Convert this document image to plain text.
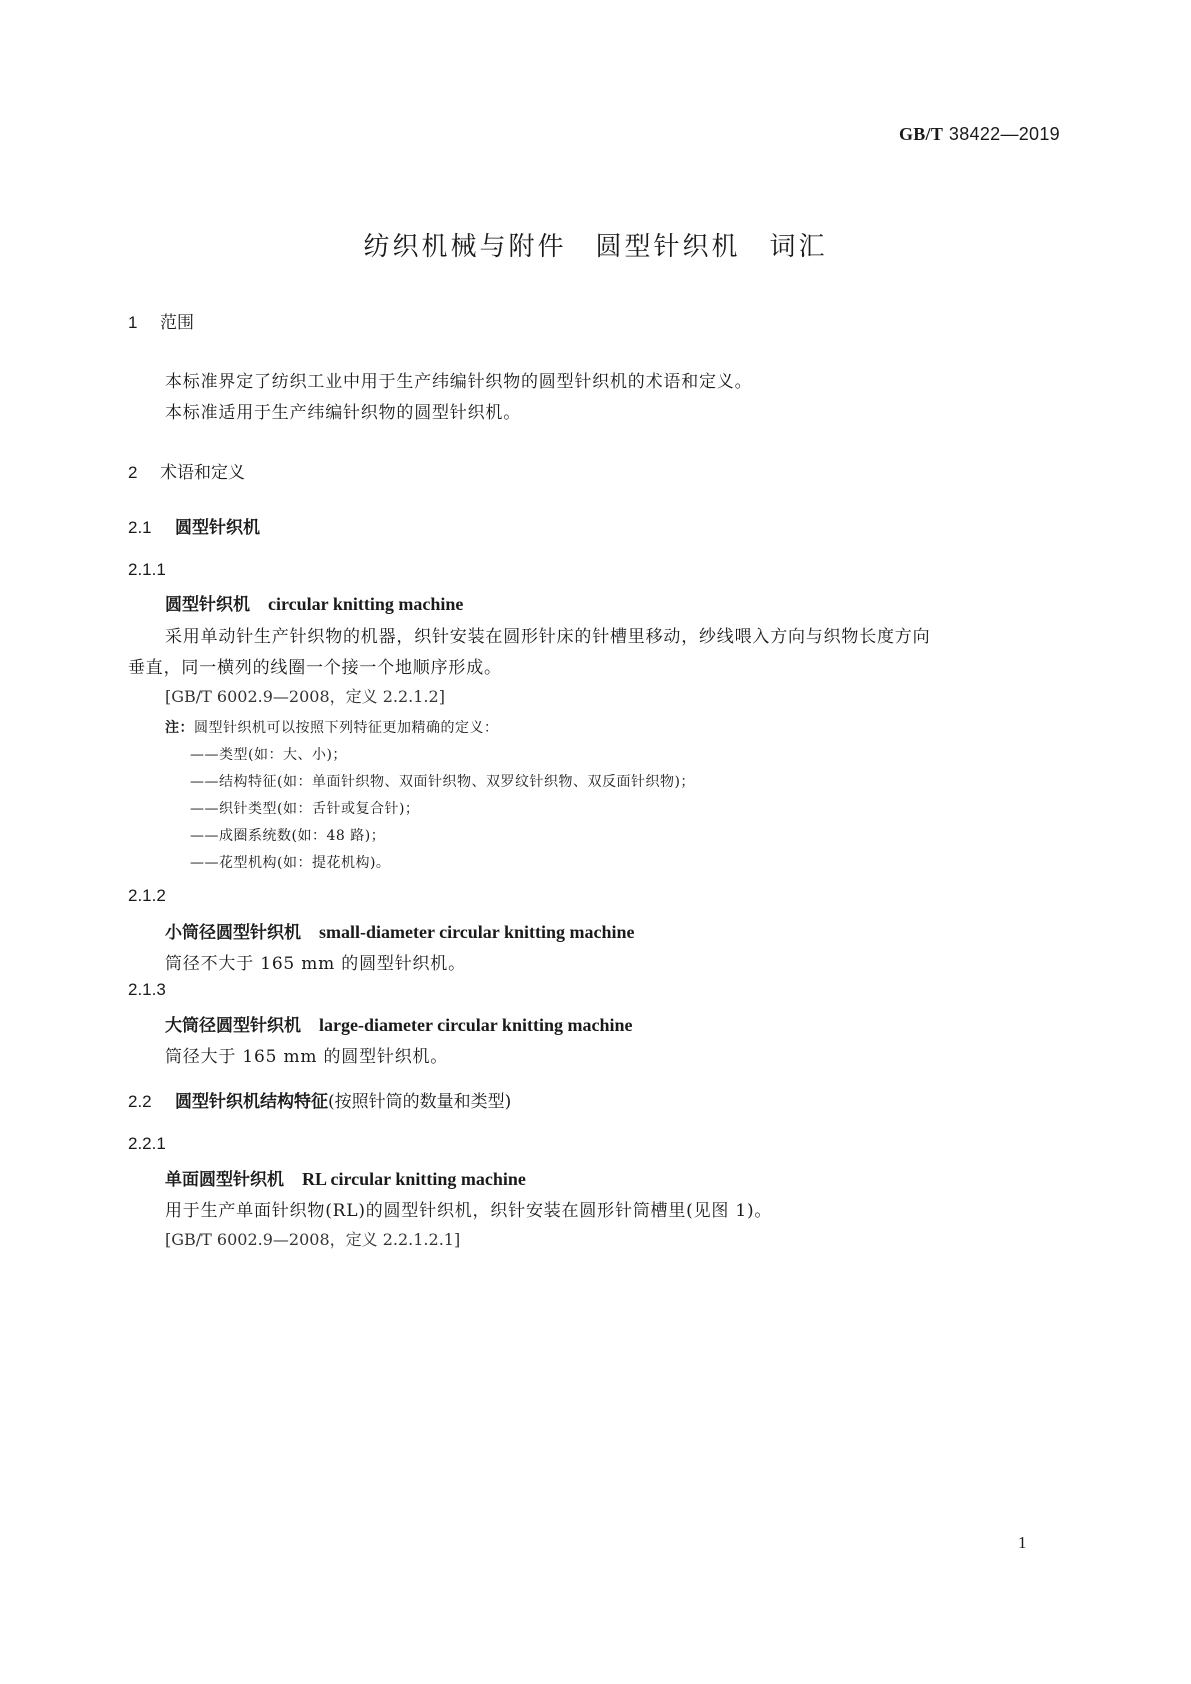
GB/T 38422—2019
纺织机械与附件　圆型针织机　词汇
1 范围
本标准界定了纺织工业中用于生产纬编针织物的圆型针织机的术语和定义。
本标准适用于生产纬编针织物的圆型针织机。
2 术语和定义
2.1 圆型针织机
2.1.1
圆型针织机 circular knitting machine
采用单动针生产针织物的机器，织针安装在圆形针床的针槽里移动，纱线喂入方向与织物长度方向
垂直，同一横列的线圈一个接一个地顺序形成。
[GB/T 6002.9—2008，定义 2.2.1.2]
注：圆型针织机可以按照下列特征更加精确的定义：
——类型(如：大、小)；
——结构特征(如：单面针织物、双面针织物、双罗纹针织物、双反面针织物)；
——织针类型(如：舌针或复合针)；
——成圈系统数(如：48 路)；
——花型机构(如：提花机构)。
2.1.2
小筒径圆型针织机 small-diameter circular knitting machine
筒径不大于 165 mm 的圆型针织机。
2.1.3
大筒径圆型针织机 large-diameter circular knitting machine
筒径大于 165 mm 的圆型针织机。
2.2 圆型针织机结构特征(按照针筒的数量和类型)
2.2.1
单面圆型针织机 RL circular knitting machine
用于生产单面针织物(RL)的圆型针织机，织针安装在圆形针筒槽里(见图 1)。
[GB/T 6002.9—2008，定义 2.2.1.2.1]
1
